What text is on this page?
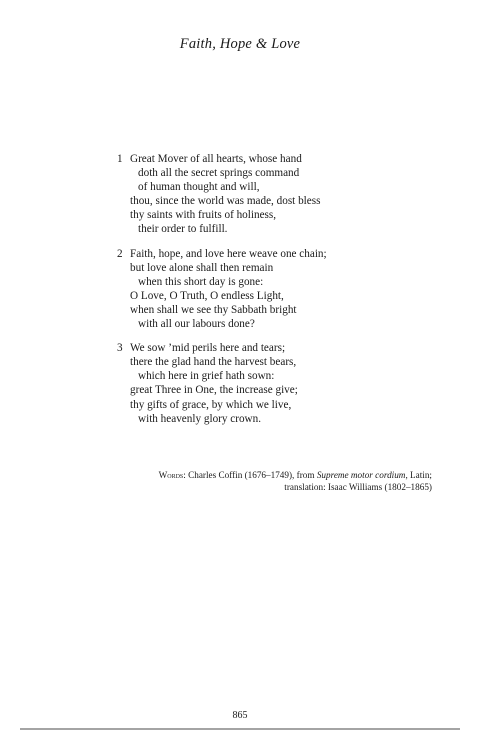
Faith, Hope & Love
1 Great Mover of all hearts, whose hand
doth all the secret springs command
of human thought and will,
thou, since the world was made, dost bless
thy saints with fruits of holiness,
their order to fulfill.
2 Faith, hope, and love here weave one chain;
but love alone shall then remain
when this short day is gone:
O Love, O Truth, O endless Light,
when shall we see thy Sabbath bright
with all our labours done?
3 We sow ’mid perils here and tears;
there the glad hand the harvest bears,
which here in grief hath sown:
great Three in One, the increase give;
thy gifts of grace, by which we live,
with heavenly glory crown.
Words: Charles Coffin (1676–1749), from Supreme motor cordium, Latin;
translation: Isaac Williams (1802–1865)
865
